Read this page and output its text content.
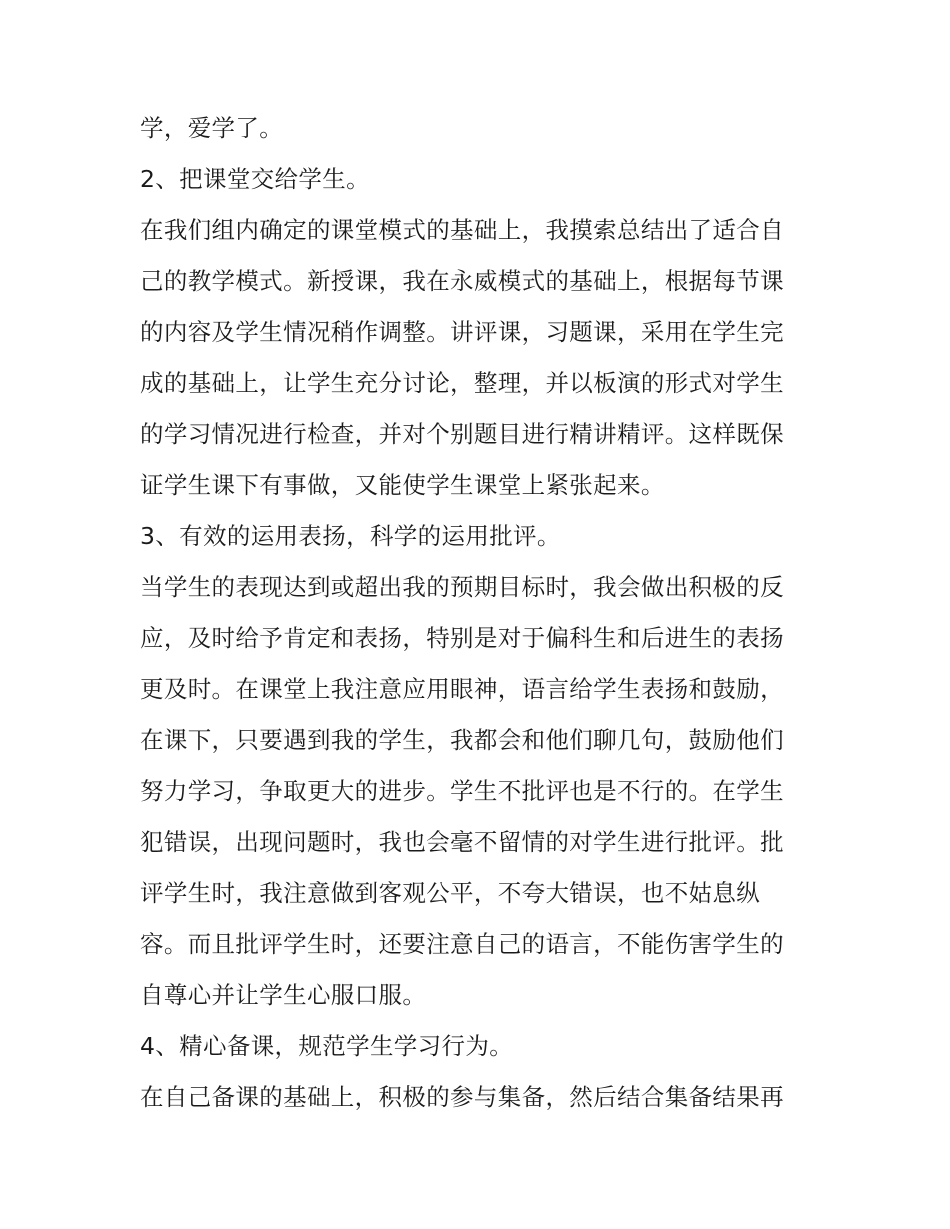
学，爱学了。
2、把课堂交给学生。
在我们组内确定的课堂模式的基础上，我摸索总结出了适合自
己的教学模式。新授课，我在永威模式的基础上，根据每节课
的内容及学生情况稍作调整。讲评课，习题课，采用在学生完
成的基础上，让学生充分讨论，整理，并以板演的形式对学生
的学习情况进行检查，并对个别题目进行精讲精评。这样既保
证学生课下有事做，又能使学生课堂上紧张起来。
3、有效的运用表扬，科学的运用批评。
当学生的表现达到或超出我的预期目标时，我会做出积极的反
应，及时给予肯定和表扬，特别是对于偏科生和后进生的表扬
更及时。在课堂上我注意应用眼神，语言给学生表扬和鼓励，
在课下，只要遇到我的学生，我都会和他们聊几句，鼓励他们
努力学习，争取更大的进步。学生不批评也是不行的。在学生
犯错误，出现问题时，我也会毫不留情的对学生进行批评。批
评学生时，我注意做到客观公平，不夸大错误，也不姑息纵
容。而且批评学生时，还要注意自己的语言，不能伤害学生的
自尊心并让学生心服口服。
4、精心备课，规范学生学习行为。
在自己备课的基础上，积极的参与集备，然后结合集备结果再
